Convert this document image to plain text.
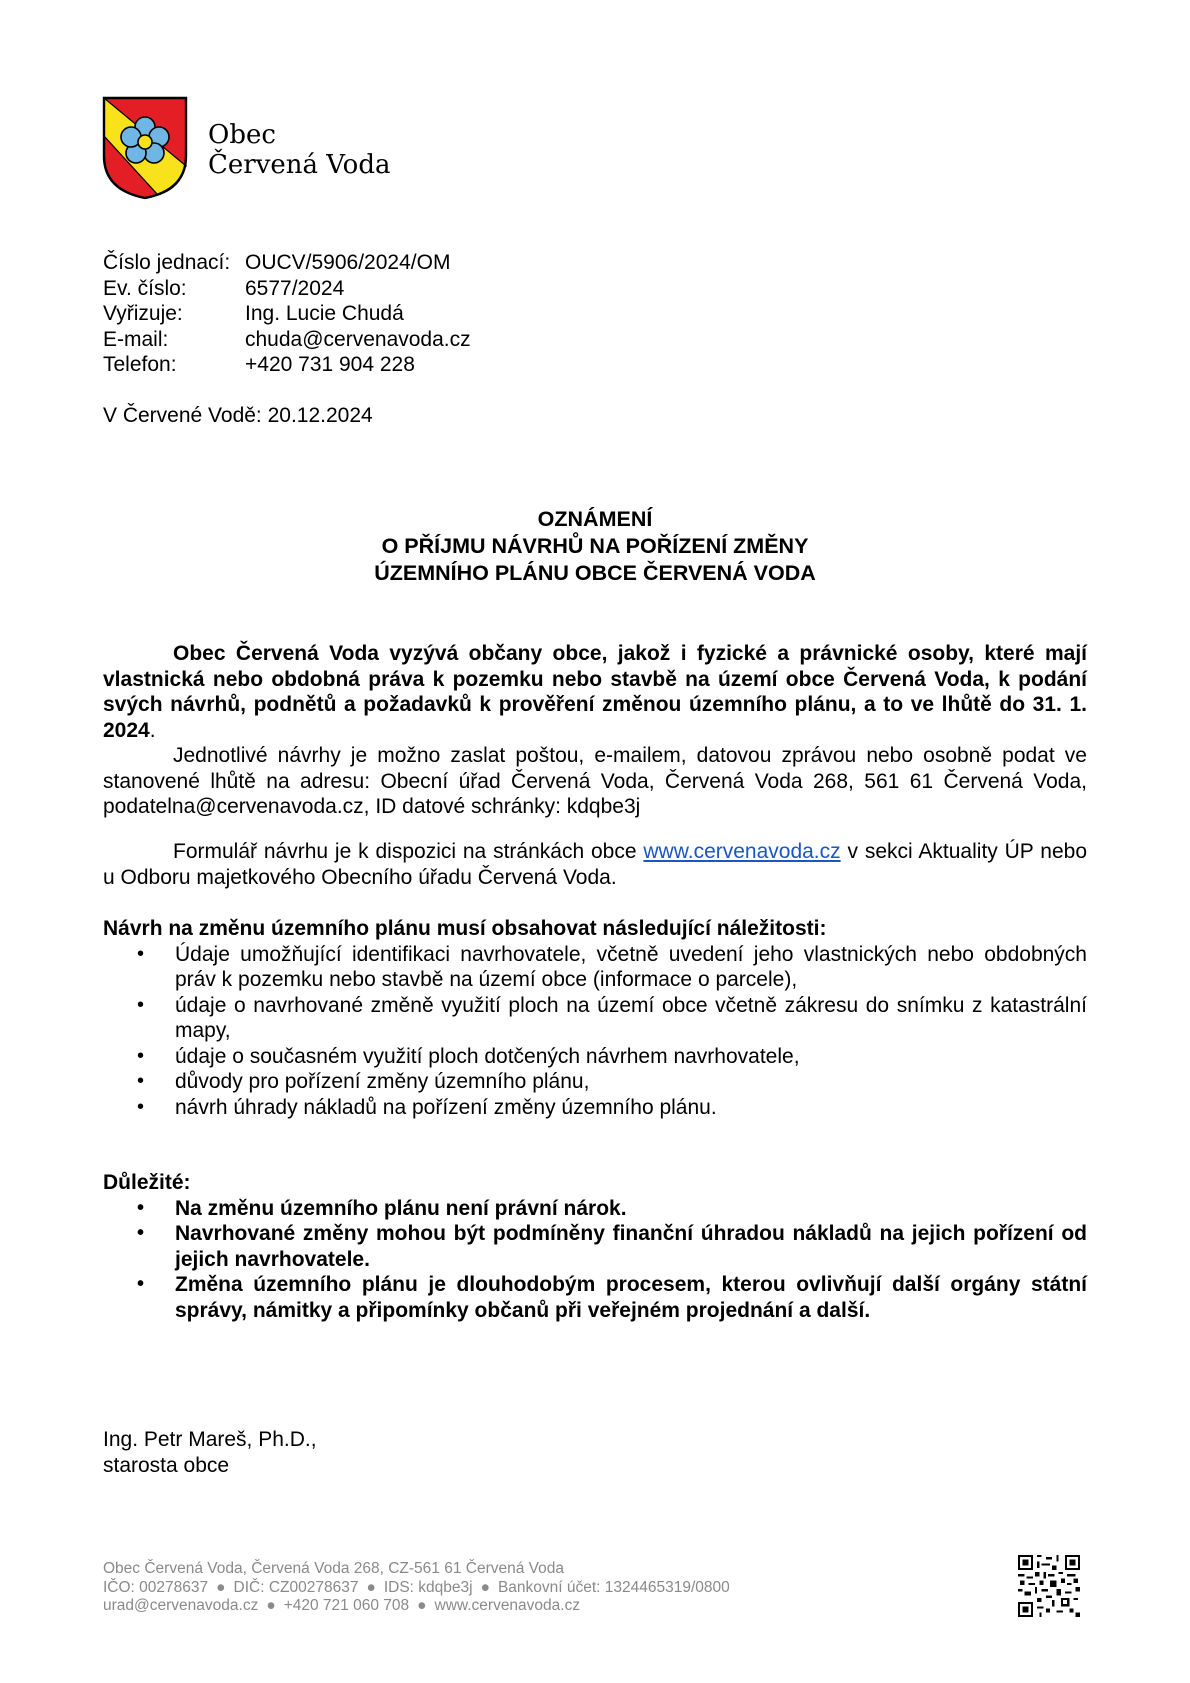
Obec
Červená Voda
Číslo jednací: OUCV/5906/2024/OM
Ev. číslo:	6577/2024
Vyřizuje:	Ing. Lucie Chudá
E-mail:	chuda@cervenavoda.cz
Telefon:	+420 731 904 228
V Červené Vodě: 20.12.2024
OZNÁMENÍ
O PŘÍJMU NÁVRHŮ NA POŘÍZENÍ ZMĚNY
ÚZEMNÍHO PLÁNU OBCE ČERVENÁ VODA

Obec Červená Voda vyzývá občany obce, jakož i fyzické a právnické osoby, které mají vlastnická nebo obdobná práva k pozemku nebo stavbě na území obce Červená Voda, k podání svých návrhů, podnětů a požadavků k prověření změnou územního plánu, a to ve lhůtě do 31. 1. 2024.

Jednotlivé návrhy je možno zaslat poštou, e-mailem, datovou zprávou nebo osobně podat ve stanovené lhůtě na adresu: Obecní úřad Červená Voda, Červená Voda 268, 561 61 Červená Voda, podatelna@cervenavoda.cz, ID datové schránky: kdqbe3j

Formulář návrhu je k dispozici na stránkách obce www.cervenavoda.cz v sekci Aktuality ÚP nebo u Odboru majetkového Obecního úřadu Červená Voda.

Návrh na změnu územního plánu musí obsahovat následující náležitosti:

• Údaje umožňující identifikaci navrhovatele, včetně uvedení jeho vlastnických nebo obdobných práv k pozemku nebo stavbě na území obce (informace o parcele),
• údaje o navrhované změně využití ploch na území obce včetně zákresu do snímku z katastrální mapy,
• údaje o současném využití ploch dotčených návrhem navrhovatele,
• důvody pro pořízení změny územního plánu,
• návrh úhrady nákladů na pořízení změny územního plánu.

Důležité:

• Na změnu územního plánu není právní nárok.
• Navrhované změny mohou být podmíněny finanční úhradou nákladů na jejich pořízení od jejich navrhovatele.
• Změna územního plánu je dlouhodobým procesem, kterou ovlivňují další orgány státní správy, námitky a připomínky občanů při veřejném projednání a další.
Ing. Petr Mareš, Ph.D.,
starosta obce
Obec Červená Voda, Červená Voda 268, CZ-561 61 Červená Voda
IČO: 00278637 ● DIČ: CZ00278637 ● IDS: kdqbe3j ● Bankovní účet: 1324465319/0800
urad@cervenavoda.cz ● +420 721 060 708 ● www.cervenavoda.cz
